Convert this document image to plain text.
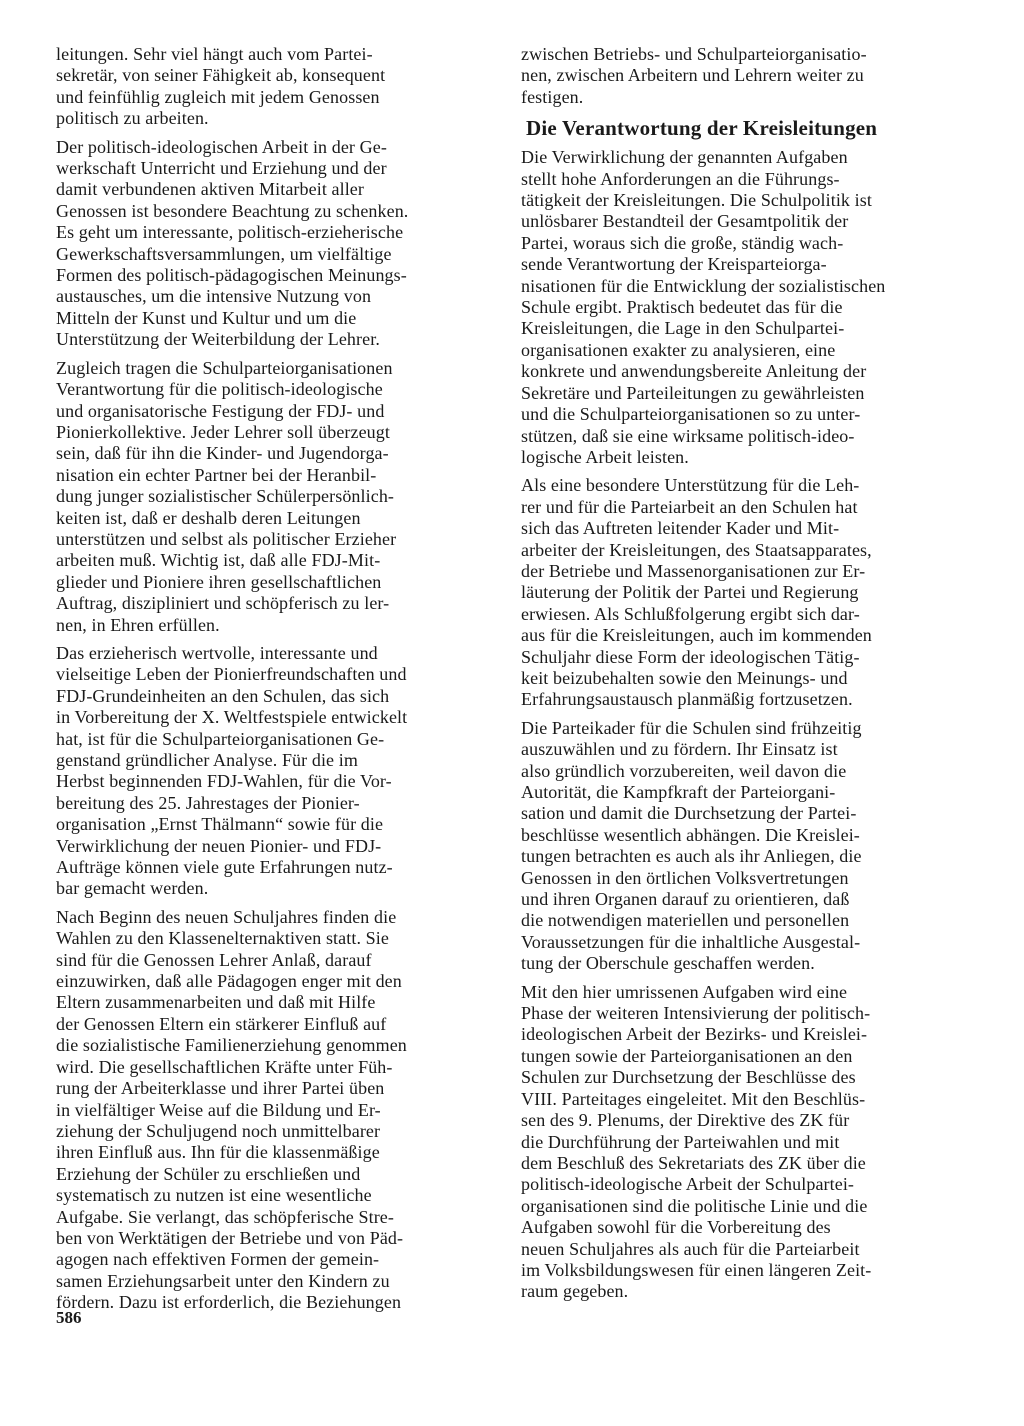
leitungen. Sehr viel hängt auch vom Partei-
sekretär, von seiner Fähigkeit ab, konsequent
und feinfühlig zugleich mit jedem Genossen
politisch zu arbeiten.

Der politisch-ideologischen Arbeit in der Ge-
werkschaft Unterricht und Erziehung und der
damit verbundenen aktiven Mitarbeit aller
Genossen ist besondere Beachtung zu schenken.
Es geht um interessante, politisch-erzieherische
Gewerkschaftsversammlungen, um vielfältige
Formen des politisch-pädagogischen Meinungs-
austausches, um die intensive Nutzung von
Mitteln der Kunst und Kultur und um die
Unterstützung der Weiterbildung der Lehrer.

Zugleich tragen die Schulparteiorganisationen
Verantwortung für die politisch-ideologische
und organisatorische Festigung der FDJ- und
Pionierkollektive. Jeder Lehrer soll überzeugt
sein, daß für ihn die Kinder- und Jugendorga-
nisation ein echter Partner bei der Heranbil-
dung junger sozialistischer Schülerpersönlich-
keiten ist, daß er deshalb deren Leitungen
unterstützen und selbst als politischer Erzieher
arbeiten muß. Wichtig ist, daß alle FDJ-Mit-
glieder und Pioniere ihren gesellschaftlichen
Auftrag, diszipliniert und schöpferisch zu ler-
nen, in Ehren erfüllen.

Das erzieherisch wertvolle, interessante und
vielseitige Leben der Pionierfreundschaften und
FDJ-Grundeinheiten an den Schulen, das sich
in Vorbereitung der X. Weltfestspiele entwickelt
hat, ist für die Schulparteiorganisationen Ge-
genstand gründlicher Analyse. Für die im
Herbst beginnenden FDJ-Wahlen, für die Vor-
bereitung des 25. Jahrestages der Pionier-
organisation „Ernst Thälmann“ sowie für die
Verwirklichung der neuen Pionier- und FDJ-
Aufträge können viele gute Erfahrungen nutz-
bar gemacht werden.

Nach Beginn des neuen Schuljahres finden die
Wahlen zu den Klassenelternaktiven statt. Sie
sind für die Genossen Lehrer Anlaß, darauf
einzuwirken, daß alle Pädagogen enger mit den
Eltern zusammenarbeiten und daß mit Hilfe
der Genossen Eltern ein stärkerer Einfluß auf
die sozialistische Familienerziehung genommen
wird. Die gesellschaftlichen Kräfte unter Füh-
rung der Arbeiterklasse und ihrer Partei üben
in vielfältiger Weise auf die Bildung und Er-
ziehung der Schuljugend noch unmittelbarer
ihren Einfluß aus. Ihn für die klassenmäßige
Erziehung der Schüler zu erschließen und
systematisch zu nutzen ist eine wesentliche
Aufgabe. Sie verlangt, das schöpferische Stre-
ben von Werktätigen der Betriebe und von Päd-
agogen nach effektiven Formen der gemein-
samen Erziehungsarbeit unter den Kindern zu
fördern. Dazu ist erforderlich, die Beziehungen

zwischen Betriebs- und Schulparteiorganisatio-
nen, zwischen Arbeitern und Lehrern weiter zu
festigen.

Die Verantwortung der Kreisleitungen

Die Verwirklichung der genannten Aufgaben
stellt hohe Anforderungen an die Führungs-
tätigkeit der Kreisleitungen. Die Schulpolitik ist
unlösbarer Bestandteil der Gesamtpolitik der
Partei, woraus sich die große, ständig wach-
sende Verantwortung der Kreisparteiorga-
nisationen für die Entwicklung der sozialistischen
Schule ergibt. Praktisch bedeutet das für die
Kreisleitungen, die Lage in den Schulpartei-
organisationen exakter zu analysieren, eine
konkrete und anwendungsbereite Anleitung der
Sekretäre und Parteileitungen zu gewährleisten
und die Schulparteiorganisationen so zu unter-
stützen, daß sie eine wirksame politisch-ideo-
logische Arbeit leisten.

Als eine besondere Unterstützung für die Leh-
rer und für die Parteiarbeit an den Schulen hat
sich das Auftreten leitender Kader und Mit-
arbeiter der Kreisleitungen, des Staatsapparates,
der Betriebe und Massenorganisationen zur Er-
läuterung der Politik der Partei und Regierung
erwiesen. Als Schlußfolgerung ergibt sich dar-
aus für die Kreisleitungen, auch im kommenden
Schuljahr diese Form der ideologischen Tätig-
keit beizubehalten sowie den Meinungs- und
Erfahrungsaustausch planmäßig fortzusetzen.

Die Parteikader für die Schulen sind frühzeitig
auszuwählen und zu fördern. Ihr Einsatz ist
also gründlich vorzubereiten, weil davon die
Autorität, die Kampfkraft der Parteiorgani-
sation und damit die Durchsetzung der Partei-
beschlüsse wesentlich abhängen. Die Kreislei-
tungen betrachten es auch als ihr Anliegen, die
Genossen in den örtlichen Volksvertretungen
und ihren Organen darauf zu orientieren, daß
die notwendigen materiellen und personellen
Voraussetzungen für die inhaltliche Ausgestal-
tung der Oberschule geschaffen werden.

Mit den hier umrissenen Aufgaben wird eine
Phase der weiteren Intensivierung der politisch-
ideologischen Arbeit der Bezirks- und Kreislei-
tungen sowie der Parteiorganisationen an den
Schulen zur Durchsetzung der Beschlüsse des
VIII. Parteitages eingeleitet. Mit den Beschlüs-
sen des 9. Plenums, der Direktive des ZK für
die Durchführung der Parteiwahlen und mit
dem Beschluß des Sekretariats des ZK über die
politisch-ideologische Arbeit der Schulpartei-
organisationen sind die politische Linie und die
Aufgaben sowohl für die Vorbereitung des
neuen Schuljahres als auch für die Parteiarbeit
im Volksbildungswesen für einen längeren Zeit-
raum gegeben.

586
